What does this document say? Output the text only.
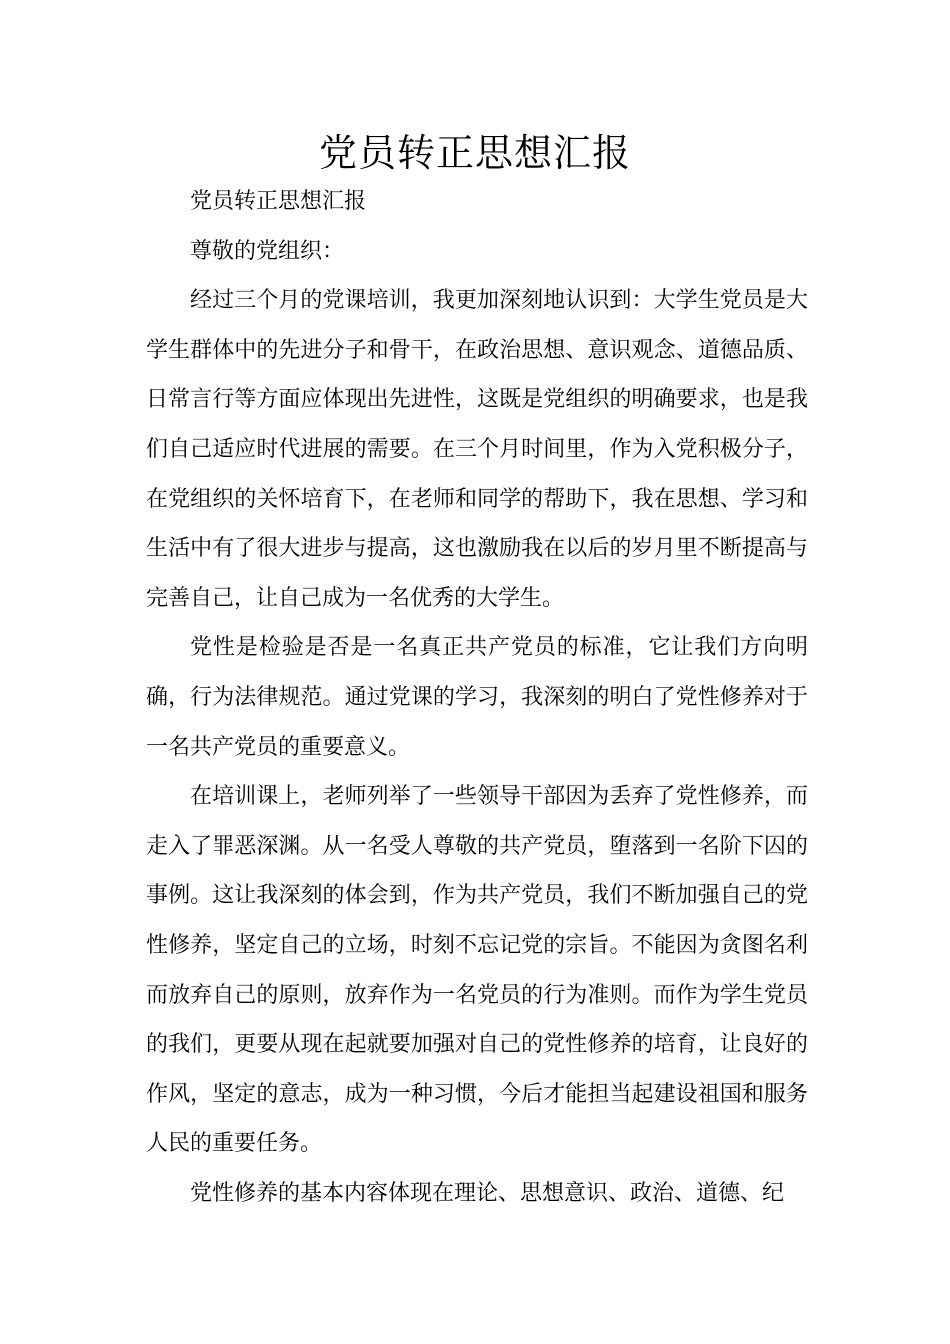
党员转正思想汇报

党员转正思想汇报

尊敬的党组织：

经过三个月的党课培训，我更加深刻地认识到：大学生党员是大学生群体中的先进分子和骨干，在政治思想、意识观念、道德品质、日常言行等方面应体现出先进性，这既是党组织的明确要求，也是我们自己适应时代进展的需要。在三个月时间里，作为入党积极分子，在党组织的关怀培育下，在老师和同学的帮助下，我在思想、学习和生活中有了很大进步与提高，这也激励我在以后的岁月里不断提高与完善自己，让自己成为一名优秀的大学生。

党性是检验是否是一名真正共产党员的标准，它让我们方向明确，行为法律规范。通过党课的学习，我深刻的明白了党性修养对于一名共产党员的重要意义。

在培训课上，老师列举了一些领导干部因为丢弃了党性修养，而走入了罪恶深渊。从一名受人尊敬的共产党员，堕落到一名阶下囚的事例。这让我深刻的体会到，作为共产党员，我们不断加强自己的党性修养，坚定自己的立场，时刻不忘记党的宗旨。不能因为贪图名利而放弃自己的原则，放弃作为一名党员的行为准则。而作为学生党员的我们，更要从现在起就要加强对自己的党性修养的培育，让良好的作风，坚定的意志，成为一种习惯，今后才能担当起建设祖国和服务人民的重要任务。

党性修养的基本内容体现在理论、思想意识、政治、道德、纪
